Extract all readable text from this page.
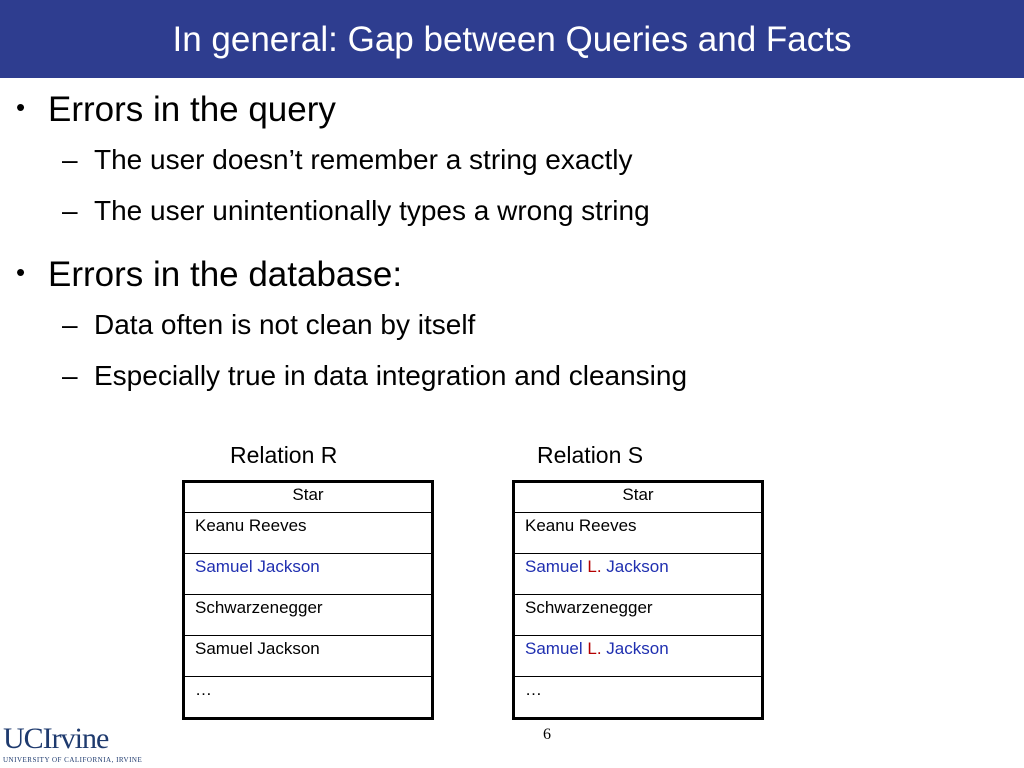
In general: Gap between Queries and Facts
• Errors in the query
– The user doesn’t remember a string exactly
– The user unintentionally types a wrong string
• Errors in the database:
– Data often is not clean by itself
– Especially true in data integration and cleansing
Relation R	Relation S
Star
Keanu Reeves
Samuel Jackson
Schwarzenegger
Samuel Jackson
…
Star
Keanu Reeves
Samuel L. Jackson
Schwarzenegger
Samuel L. Jackson
…
6
UCIrvine
UNIVERSITY OF CALIFORNIA, IRVINE
